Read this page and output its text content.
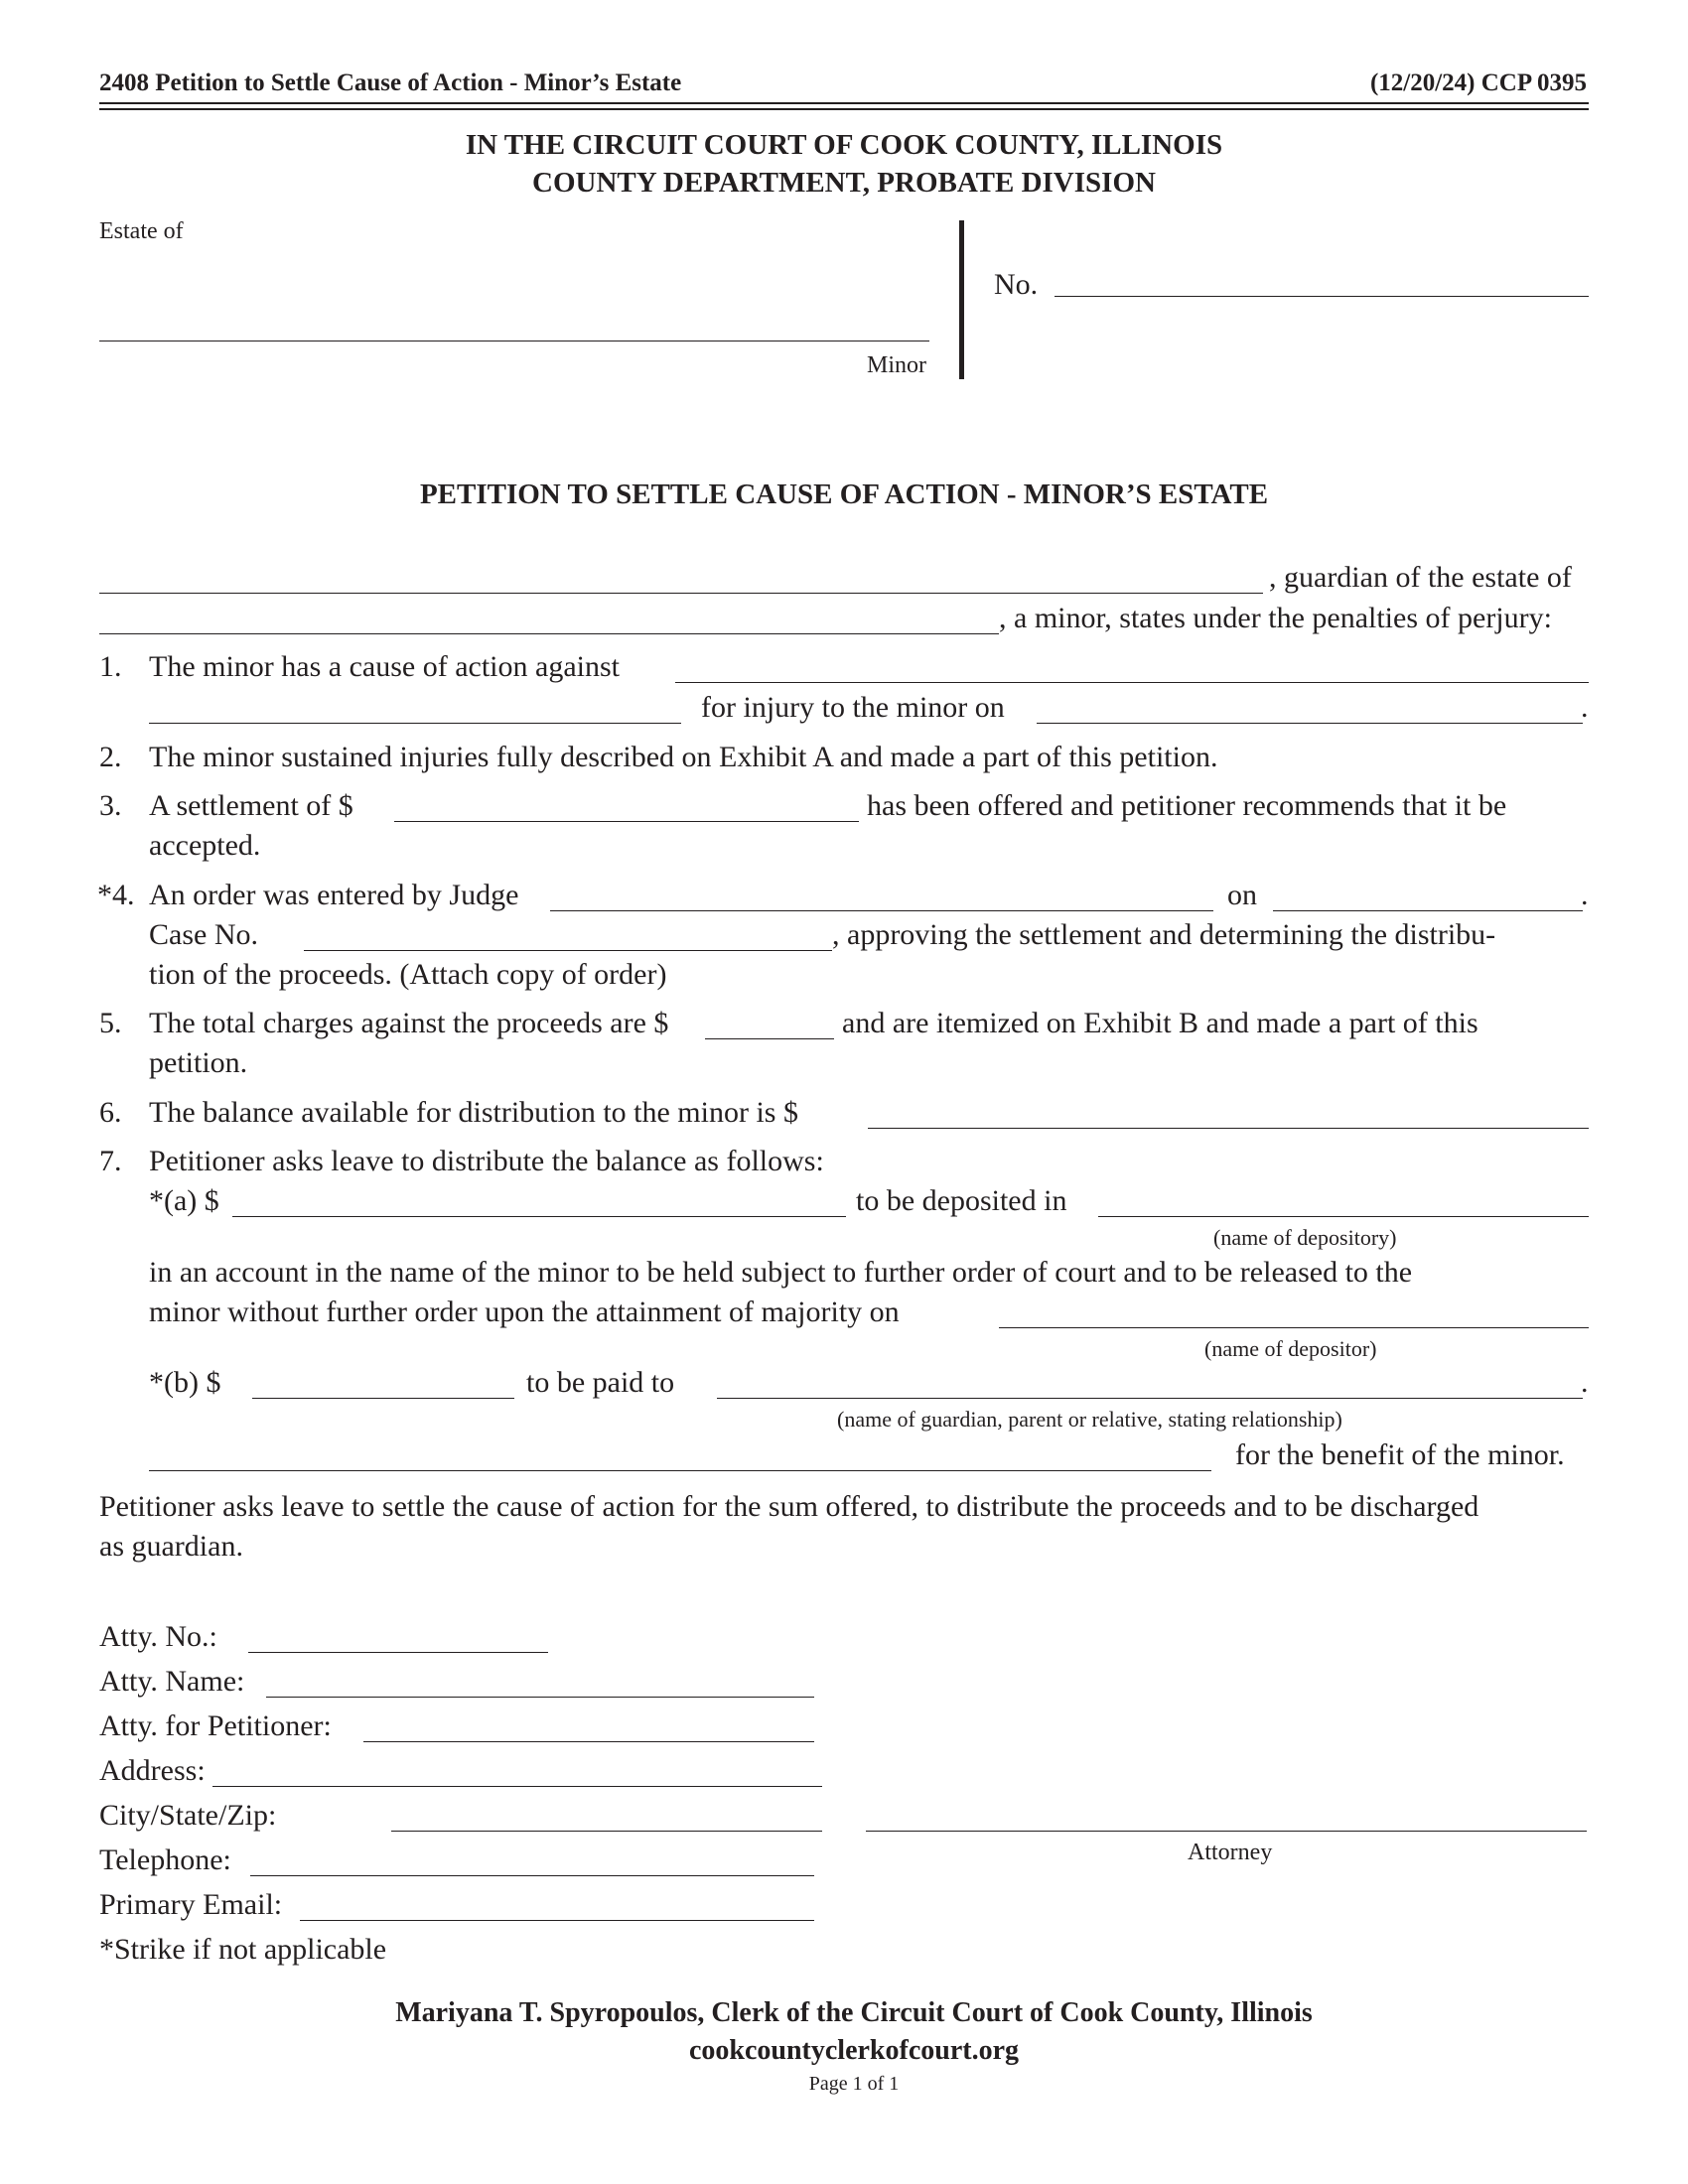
2408 Petition to Settle Cause of Action - Minor’s Estate	(12/20/24) CCP 0395
IN THE CIRCUIT COURT OF COOK COUNTY, ILLINOIS
COUNTY DEPARTMENT, PROBATE DIVISION
Estate of
Minor
No.
PETITION TO SETTLE CAUSE OF ACTION - MINOR’S ESTATE
, guardian of the estate of
, a minor, states under the penalties of perjury:
1. The minor has a cause of action against
for injury to the minor on	.
2. The minor sustained injuries fully described on Exhibit A and made a part of this petition.
3. A settlement of $	has been offered and petitioner recommends that it be
accepted.
*4. An order was entered by Judge	on	.
Case No.	, approving the settlement and determining the distribu-
tion of the proceeds. (Attach copy of order)
5. The total charges against the proceeds are $	and are itemized on Exhibit B and made a part of this
petition.
6. The balance available for distribution to the minor is $
7. Petitioner asks leave to distribute the balance as follows:
*(a) $	to be deposited in
(name of depository)
in an account in the name of the minor to be held subject to further order of court and to be released to the
minor without further order upon the attainment of majority on
(name of depositor)
*(b) $	to be paid to	.
(name of guardian, parent or relative, stating relationship)
for the benefit of the minor.
Petitioner asks leave to settle the cause of action for the sum offered, to distribute the proceeds and to be discharged
as guardian.
Atty. No.:
Atty. Name:
Atty. for Petitioner:
Address:
City/State/Zip:
Attorney
Telephone:
Primary Email:
*Strike if not applicable
Mariyana T. Spyropoulos, Clerk of the Circuit Court of Cook County, Illinois
cookcountyclerkofcourt.org
Page 1 of 1
